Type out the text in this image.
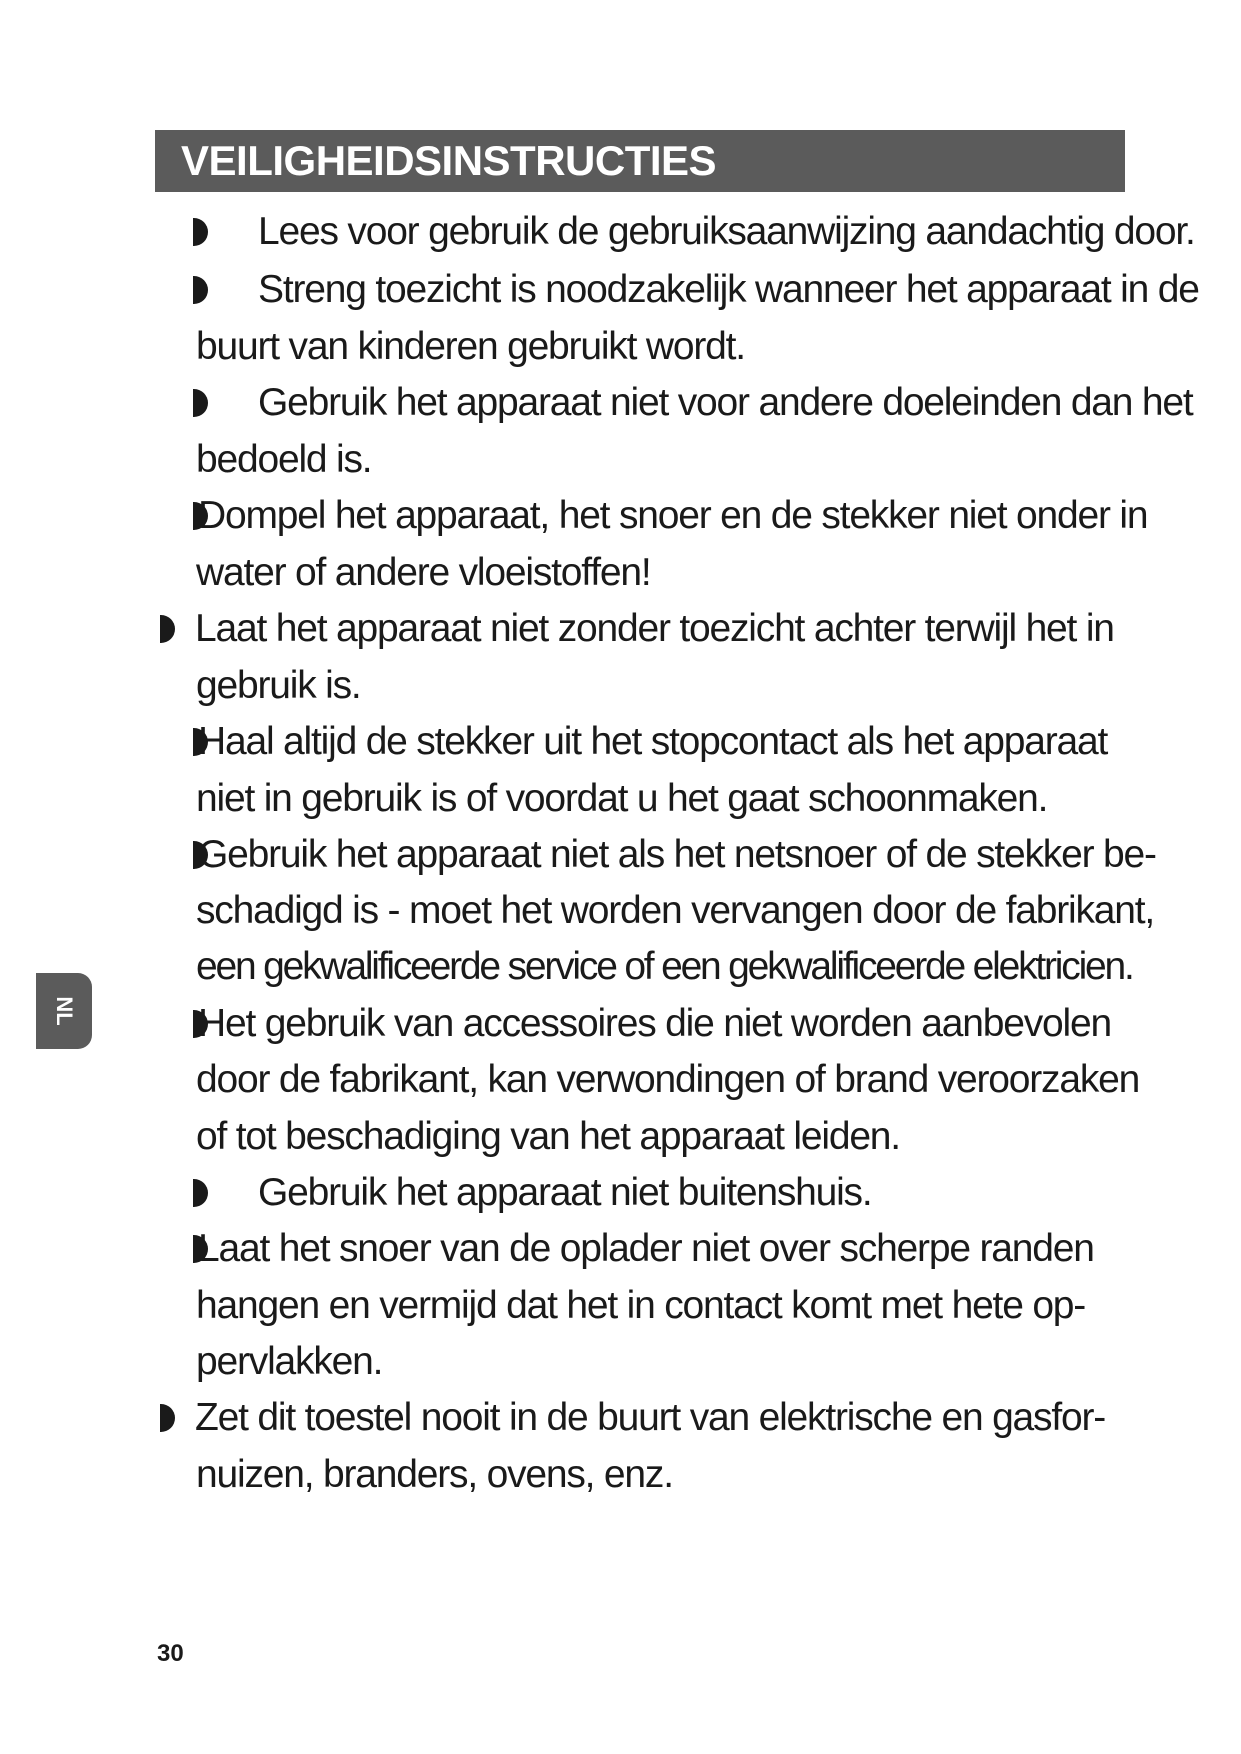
VEILIGHEIDSINSTRUCTIES
Lees voor gebruik de gebruiksaanwijzing aandachtig door.
Streng toezicht is noodzakelijk wanneer het apparaat in de
buurt van kinderen gebruikt wordt.
Gebruik het apparaat niet voor andere doeleinden dan het
bedoeld is.
Dompel het apparaat, het snoer en de stekker niet onder in
water of andere vloeistoffen!
Laat het apparaat niet zonder toezicht achter terwijl het in
gebruik is.
Haal altijd de stekker uit het stopcontact als het apparaat
niet in gebruik is of voordat u het gaat schoonmaken.
Gebruik het apparaat niet als het netsnoer of de stekker be-
schadigd is - moet het worden vervangen door de fabrikant,
een gekwalificeerde service of een gekwalificeerde elektricien.
Het gebruik van accessoires die niet worden aanbevolen
door de fabrikant, kan verwondingen of brand veroorzaken
of tot beschadiging van het apparaat leiden.
Gebruik het apparaat niet buitenshuis.
Laat het snoer van de oplader niet over scherpe randen
hangen en vermijd dat het in contact komt met hete op-
pervlakken.
Zet dit toestel nooit in de buurt van elektrische en gasfor-
nuizen, branders, ovens, enz.
NL
30
